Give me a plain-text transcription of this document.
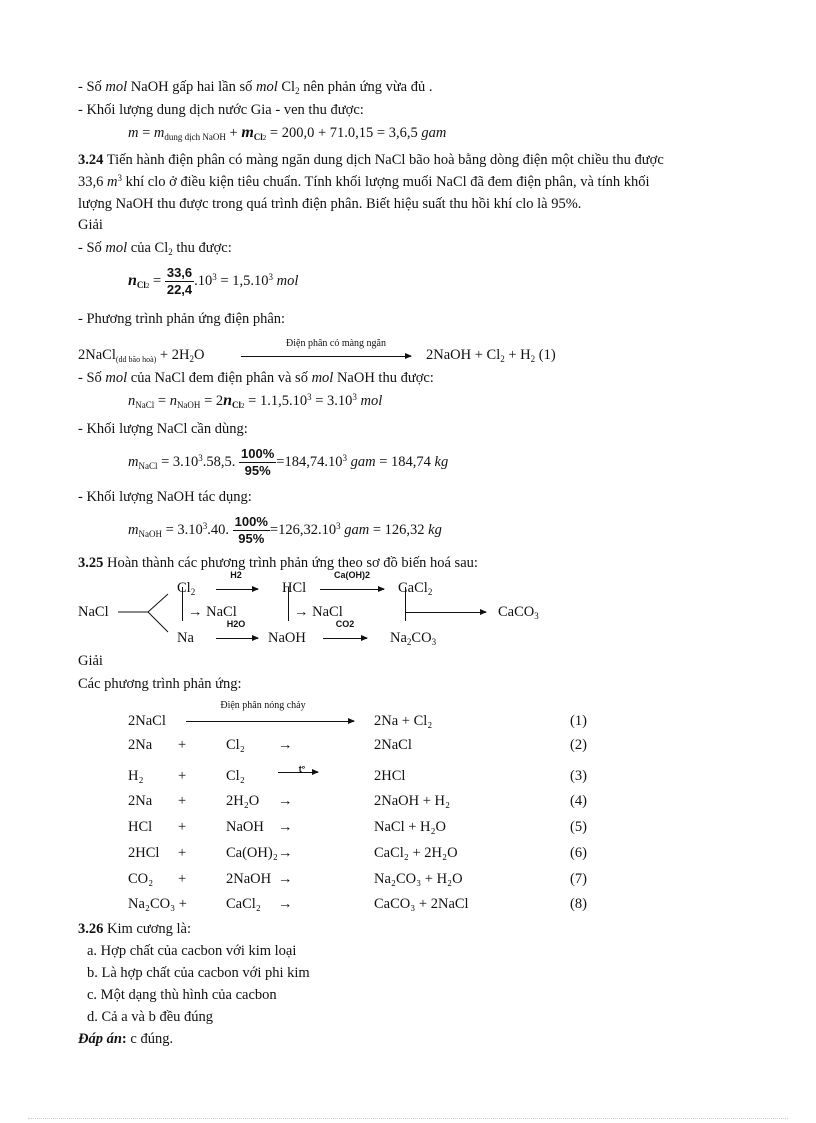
- Số mol NaOH gấp hai lần số mol $Cl_2$ nên phản ứng vừa đủ .
- Khối lượng dung dịch nước Gia - ven thu được:
$m = m_{dung dịch NaOH} + m_{Cl2} = 200,0 + 71.0,15 = 3,6,5$ gam
3.24 Tiến hành điện phân có màng ngăn dung dịch NaCl bão hoà bằng dòng điện một chiều thu được
33,6 $m^3$ khí clo ở điều kiện tiêu chuẩn. Tính khối lượng muối NaCl đã đem điện phân, và tính khối
lượng NaOH thu được trong quá trình điện phân. Biết hiệu suất thu hồi khí clo là 95%.
Giải
- Số mol của $Cl_2$ thu được:
$n_{Cl2} = \frac{33,6}{22,4} .10^3 = 1,5.10^3$ mol
- Phương trình phản ứng điện phân:
2NaCl$_{(dd bão hoà)}$ + $2H_2O$
Điện phân có màng ngăn
2NaOH + $Cl_2 + H_2$ (1)
- Số mol của NaCl đem điện phân và số mol NaOH thu được:
$n_{NaCl} = n_{NaOH} = 2n_{Cl2} = 1.1,5.10^3 = 3.10^3$ mol
- Khối lượng NaCl cần dùng:
$m_{NaCl} = 3.10^3.58,5$. $\frac{100\%}{95\%} =184,74.10^3$ gam = 184,74 kg
- Khối lượng NaOH tác dụng:
$m_{NaOH} = 3.10^3.40$. $\frac{100\%}{95\%} =126,32.10^3$ gam = 126,32 kg
3.25 Hoàn thành các phương trình phản ứng theo sơ đồ biến hoá sau:
NaCl
$Cl_2$
H2
HCl
Ca(OH)2
CaCl$_2$
→ NaCl	→ NaCl	CaCO$_3$
Na
H2O
NaOH
CO2
$Na_2CO_3$
Giải
Các phương trình phản ứng:
Điện phân nóng chảy
t°
2NaCl	2Na + Cl₂	(1)
2Na +	Cl₂ →	2NaCl	(2)
H₂ +	Cl₂	2HCl	(3)
2Na +	2H₂O →	2NaOH + H₂	(4)
HCl +	NaOH →	NaCl + H₂O	(5)
2HCl +	Ca(OH)₂ →	CaCl₂ + 2H₂O	(6)
CO₂ +	2NaOH →	Na₂CO₃ + H₂O	(7)
Na₂CO₃ +	CaCl₂ →	CaCO₃ + 2NaCl	(8)
3.26 Kim cương là:
a. Hợp chất của cacbon với kim loại
b. Là hợp chất của cacbon với phi kim
c. Một dạng thù hình của cacbon
d. Cả a và b đều đúng
Đáp án: c đúng.
